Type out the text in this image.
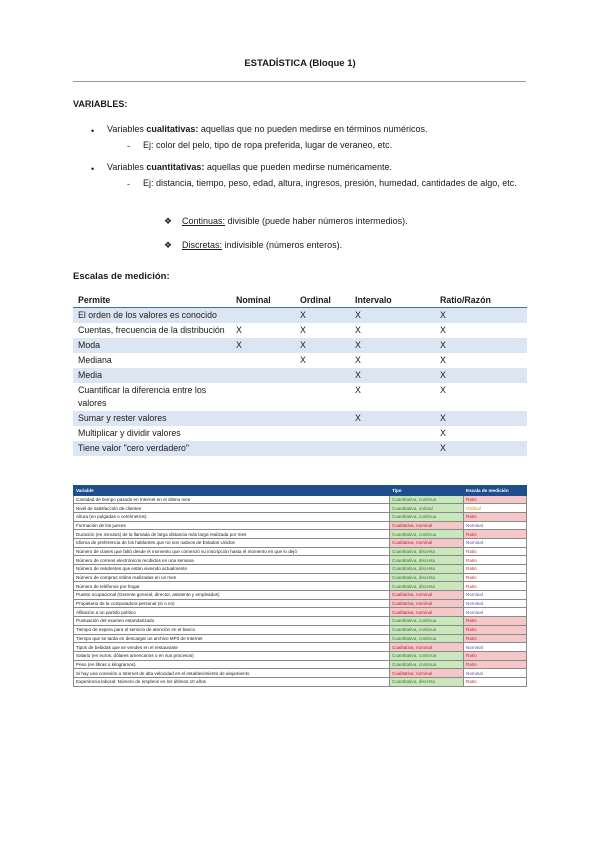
ESTADÍSTICA (Bloque 1)
VARIABLES:
• Variables cualitativas: aquellas que no pueden medirse en términos numéricos.
- Ej: color del pelo, tipo de ropa preferida, lugar de veraneo, etc.
• Variables cuantitativas: aquellas que pueden medirse numéricamente.
- Ej: distancia, tiempo, peso, edad, altura, ingresos, presión, humedad, cantidades de algo, etc.
❖ Continuas: divisible (puede haber números intermedios).
❖ Discretas: indivisible (números enteros).
Escalas de medición:
Permite	Nominal	Ordinal	Intervalo	Ratio/Razón
El orden de los valores es conocido		X	X	X
Cuentas, frecuencia de la distribución	X	X	X	X
Moda	X	X	X	X
Mediana		X	X	X
Media			X	X
Cuantificar la diferencia entre los valores			X	X
Sumar y rester valores			X	X
Multiplicar y dividir valores				X
Tiene valor "cero verdadero"				X
Variable	Tipo	Escala de medición
Cantidad de tiempo pasado en Internet en el último mes	Cuantitativa, continua	Ratio
Nivel de satisfacción de clientes	Cuantitativa, ordinal	Ordinal
Altura (en pulgadas o centímetros)	Cuantitativa, continua	Ratio
Formación de los jueces	Cualitativa, nominal	Nominal
Duración (en minutos) de la llamada de larga distancia más larga realizada por mes	Cuantitativa, continua	Ratio
Idioma de preferencia de los hablantes que no son nativos de Estados Unidos	Cualitativa, nominal	Nominal
Número de clases que faltó desde el momento que comenzó su inscripción hasta el momento en que lo dejó	Cuantitativa, discreta	Ratio
Número de correos electrónicos recibidos en una semana	Cuantitativa, discreta	Ratio
Número de residentes que están viviendo actualmente	Cuantitativa, discreta	Ratio
Número de compras online realizadas en un mes	Cuantitativa, discreta	Ratio
Número de teléfonos por hogar	Cuantitativa, discreta	Ratio
Puesto ocupacional (Gerente general, director, asistente y empleados)	Cualitativa, nominal	Nominal
Propietario de la computadora personal (sí o no)	Cualitativa, nominal	Nominal
Afiliación a un partido político	Cualitativa, nominal	Nominal
Puntuación del examen estandarizado	Cuantitativa, continua	Ratio
Tiempo de espera para el servicio de atención en el banco	Cuantitativa, continua	Ratio
Tiempo que se tarda en descargar un archivo MP3 de Internet	Cuantitativa, continua	Ratio
Tipos de bebidas que se venden en el restaurante	Cualitativa, nominal	Nominal
Salario (en euros, dólares americanos o en sus procesos)	Cuantitativa, continua	Ratio
Peso (en libras o kilogramos)	Cuantitativa, continua	Ratio
Si hay una conexión a Internet de alta velocidad en el establecimiento de alojamiento	Cualitativa, nominal	Nominal
Experiencia laboral: Número de empleos en los últimos 10 años	Cuantitativa, discreta	Ratio
